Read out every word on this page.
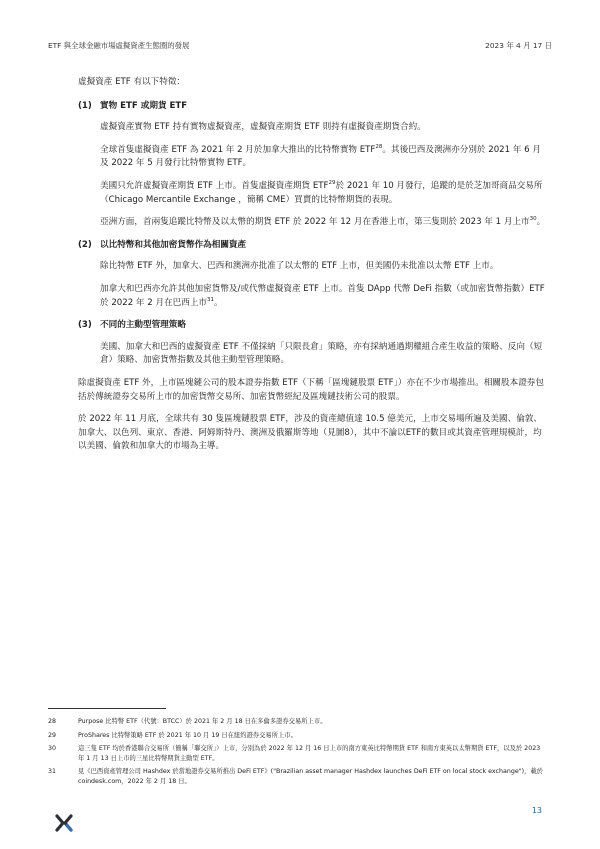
ETF 與全球金融市場虛擬資產生態圈的發展	2023 年 4 月 17 日

虛擬資產 ETF 有以下特徵：

(1) 實物 ETF 或期貨 ETF

虛擬資產實物 ETF 持有實物虛擬資產，虛擬資產期貨 ETF 則持有虛擬資產期貨合約。

全球首隻虛擬資產 ETF 為 2021 年 2 月於加拿大推出的比特幣實物 ETF$^{28}$。其後巴西及澳洲亦分別於 2021 年 6 月及 2022 年 5 月發行比特幣實物 ETF。

美國只允許虛擬資產期貨 ETF 上市。首隻虛擬資產期貨 ETF$^{29}$於 2021 年 10 月發行，追蹤的是於芝加哥商品交易所（Chicago Mercantile Exchange ，簡稱 CME）買賣的比特幣期貨的表現。

亞洲方面，首兩隻追蹤比特幣及以太幣的期貨 ETF 於 2022 年 12 月在香港上市，第三隻則於 2023 年 1 月上市$^{30}$。

(2) 以比特幣和其他加密貨幣作為相關資產

除比特幣 ETF 外，加拿大、巴西和澳洲亦批准了以太幣的 ETF 上市，但美國仍未批准以太幣 ETF 上市。

加拿大和巴西亦允許其他加密貨幣及/或代幣虛擬資產 ETF 上市。首隻 DApp 代幣 DeFi 指數（或加密貨幣指數）ETF 於 2022 年 2 月在巴西上市$^{31}$。

(3) 不同的主動型管理策略

美國、加拿大和巴西的虛擬資產 ETF 不僅採納「只限長倉」策略，亦有採納通過期權組合產生收益的策略、反向（短倉）策略、加密貨幣指數及其他主動型管理策略。

除虛擬資產 ETF 外，上市區塊鏈公司的股本證券指數 ETF（下稱「區塊鏈股票 ETF」）亦在不少市場推出。相關股本證券包括於傳統證券交易所上市的加密貨幣交易所、加密貨幣經紀及區塊鏈技術公司的股票。

於 2022 年 11 月底，全球共有 30 隻區塊鏈股票 ETF，涉及的資產總值達 10.5 億美元，上市交易場所遍及美國、倫敦、加拿大、以色列、東京、香港、阿姆斯特丹、澳洲及俄羅斯等地（見圖8），其中不論以ETF的數目或其資產管理規模計，均以美國、倫敦和加拿大的市場為主導。

28	Purpose 比特幣 ETF（代號：BTCC）於 2021 年 2 月 18 日在多倫多證券交易所上市。
29	ProShares 比特幣策略 ETF 於 2021 年 10 月 19 日在紐約證券交易所上市。
30	這三隻 ETF 均於香港聯合交易所（簡稱「聯交所」）上市，分別為於 2022 年 12 月 16 日上市的南方東英比特幣期貨 ETF 和南方東英以太幣期貨 ETF，以及於 2023 年 1 月 13 日上市的三星比特幣期貨主動型 ETF。
31	見《巴西資產管理公司 Hashdex 於當地證券交易所推出 DeFi ETF》("Brazilian asset manager Hashdex launches DeFi ETF on local stock exchange")，載於 coindesk.com，2022 年 2 月 18 日。
13
